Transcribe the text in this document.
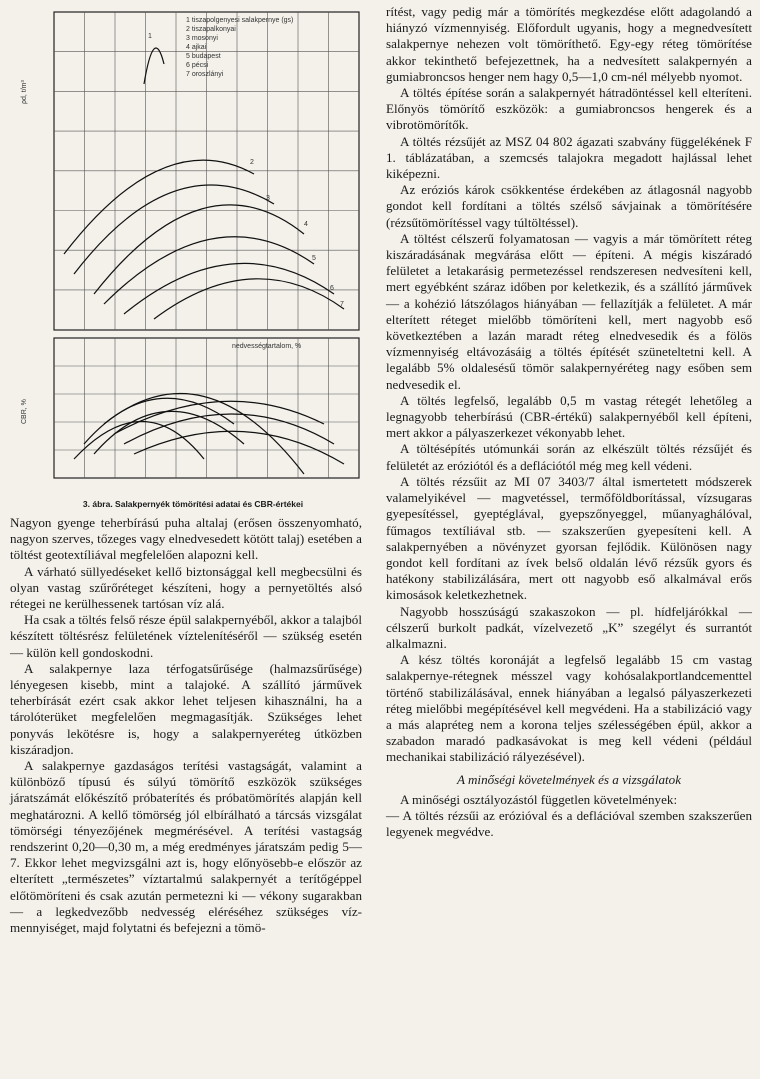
1 tiszapolgenyesi salakpernye (gs)
2 tiszapalkonyai
3 mosonyi
4 ajkai
5 budapest
6 pécsi
7 oroszlányi
ρd, t/m³
CBR, %
nedvességtartalom, %
1
2
3
4
5
6
7
3. ábra. Salakpernyék tömörítési adatai és CBR-értékei

Nagyon gyenge teherbírású puha altalaj (erősen összenyomható, nagyon szerves, tőzeges vagy elnedvesedett kötött talaj) esetében a töltést geotextíliával megfelelően alapozni kell.

A várható süllyedéseket kellő biztonsággal kell megbecsülni és olyan vastag szűrőréteget készíteni, hogy a pernyetöltés alsó rétegei ne kerülhessenek tartósan víz alá.

Ha csak a töltés felső része épül salakpernyéből, akkor a talajból készített töltésrész felületének víztelenítéséről — szükség esetén — külön kell gondoskodni.

A salakpernye laza térfogatsűrűsége (halmazsűrűsége) lényegesen kisebb, mint a talajoké. A szállító járművek teherbírását ezért csak akkor lehet teljesen kihasználni, ha a tárolóterüket megfelelően megmagasítják. Szükséges lehet ponyvás lekötésre is, hogy a salakpernyeréteg útközben kiszáradjon.

A salakpernye gazdaságos terítési vastagságát, valamint a különböző típusú és súlyú tömörítő eszközök szükséges járatszámát előkészítő próbaterítés és próbatömörítés alapján kell meghatározni. A kellő tömörség jól elbírálható a tárcsás vizsgálat tömörségi tényezőjének megmérésével. A terítési vastagság rendszerint 0,20—0,30 m, a még eredményes járatszám pedig 5—7. Ekkor lehet megvizsgálni azt is, hogy előnyösebb-e először az elterített „természetes” víztartalmú salakpernyét a terítőgéppel előtömöríteni és csak azután permetezni ki — vékony sugarakban — a legkedvezőbb nedvesség eléréséhez szükséges víz-mennyiséget, majd folytatni és befejezni a tömö-

rítést, vagy pedig már a tömörítés megkezdése előtt adagolandó a hiányzó vízmennyiség. Előfordult ugyanis, hogy a megnedvesített salakpernye nehezen volt tömöríthető. Egy-egy réteg tömörítése akkor tekinthető befejezettnek, ha a nedvesített salakpernyén a gumiabroncsos henger nem hagy 0,5—1,0 cm-nél mélyebb nyomot.

A töltés építése során a salakpernyét hátradöntéssel kell elteríteni. Előnyös tömörítő eszközök: a gumiabroncsos hengerek és a vibrotömörítők.

A töltés rézsűjét az MSZ 04 802 ágazati szabvány függelékének F 1. táblázatában, a szemcsés talajokra megadott hajlással lehet kiképezni.

Az eróziós károk csökkentése érdekében az átlagosnál nagyobb gondot kell fordítani a töltés szélső sávjainak a tömörítésére (rézsűtömörítéssel vagy túltöltéssel).

A töltést célszerű folyamatosan — vagyis a már tömörített réteg kiszáradásának megvárása előtt — építeni. A mégis kiszáradó felületet a letakarásig permetezéssel rendszeresen nedvesíteni kell, mert egyébként száraz időben por keletkezik, és a szállító járművek — a kohézió látszólagos hiányában — fellazítják a felületet. A már elterített réteget mielőbb tömöríteni kell, mert nagyobb eső következtében a lazán maradt réteg elnedvesedik és a fölös vízmennyiség eltávozásáig a töltés építését szüneteltetni kell. A legalább 5% oldalesésű tömör salakpernyéréteg nagy esőben sem nedvesedik el.

A töltés legfelső, legalább 0,5 m vastag rétegét lehetőleg a legnagyobb teherbírású (CBR-értékű) salakpernyéből kell építeni, mert akkor a pályaszerkezet vékonyabb lehet.

A töltésépítés utómunkái során az elkészült töltés rézsűjét és felületét az eróziótól és a deflációtól még meg kell védeni.

A töltés rézsűit az MI 07 3403/7 által ismertetett módszerek valamelyikével — magvetéssel, termőföldborítással, vízsugaras gyepesítéssel, gyeptéglával, gyepszőnyeggel, műanyaghálóval, fűmagos textíliával stb. — szakszerűen gyepesíteni kell. A salakpernyében a növényzet gyorsan fejlődik. Különösen nagy gondot kell fordítani az ívek belső oldalán lévő rézsűk gyors és hatékony stabilizálására, mert ott nagyobb eső alkalmával erős kimosások keletkezhetnek.

Nagyobb hosszúságú szakaszokon — pl. hídfeljárókkal — célszerű burkolt padkát, vízelvezető „K” szegélyt és surrantót alkalmazni.

A kész töltés koronáját a legfelső legalább 15 cm vastag salakpernye-rétegnek mésszel vagy kohósalakportlandcementtel történő stabilizálásával, ennek hiányában a legalsó pályaszerkezeti réteg mielőbbi megépítésével kell megvédeni. Ha a stabilizáció vagy a más alapréteg nem a korona teljes szélességében épül, akkor a szabadon maradó padkasávokat is meg kell védeni (például mechanikai stabilizáció rályezésével).

A minőségi követelmények és a vizsgálatok

A minőségi osztályozástól független követelmények:

— A töltés rézsűi az erózióval és a deflációval szemben szakszerűen legyenek megvédve.
